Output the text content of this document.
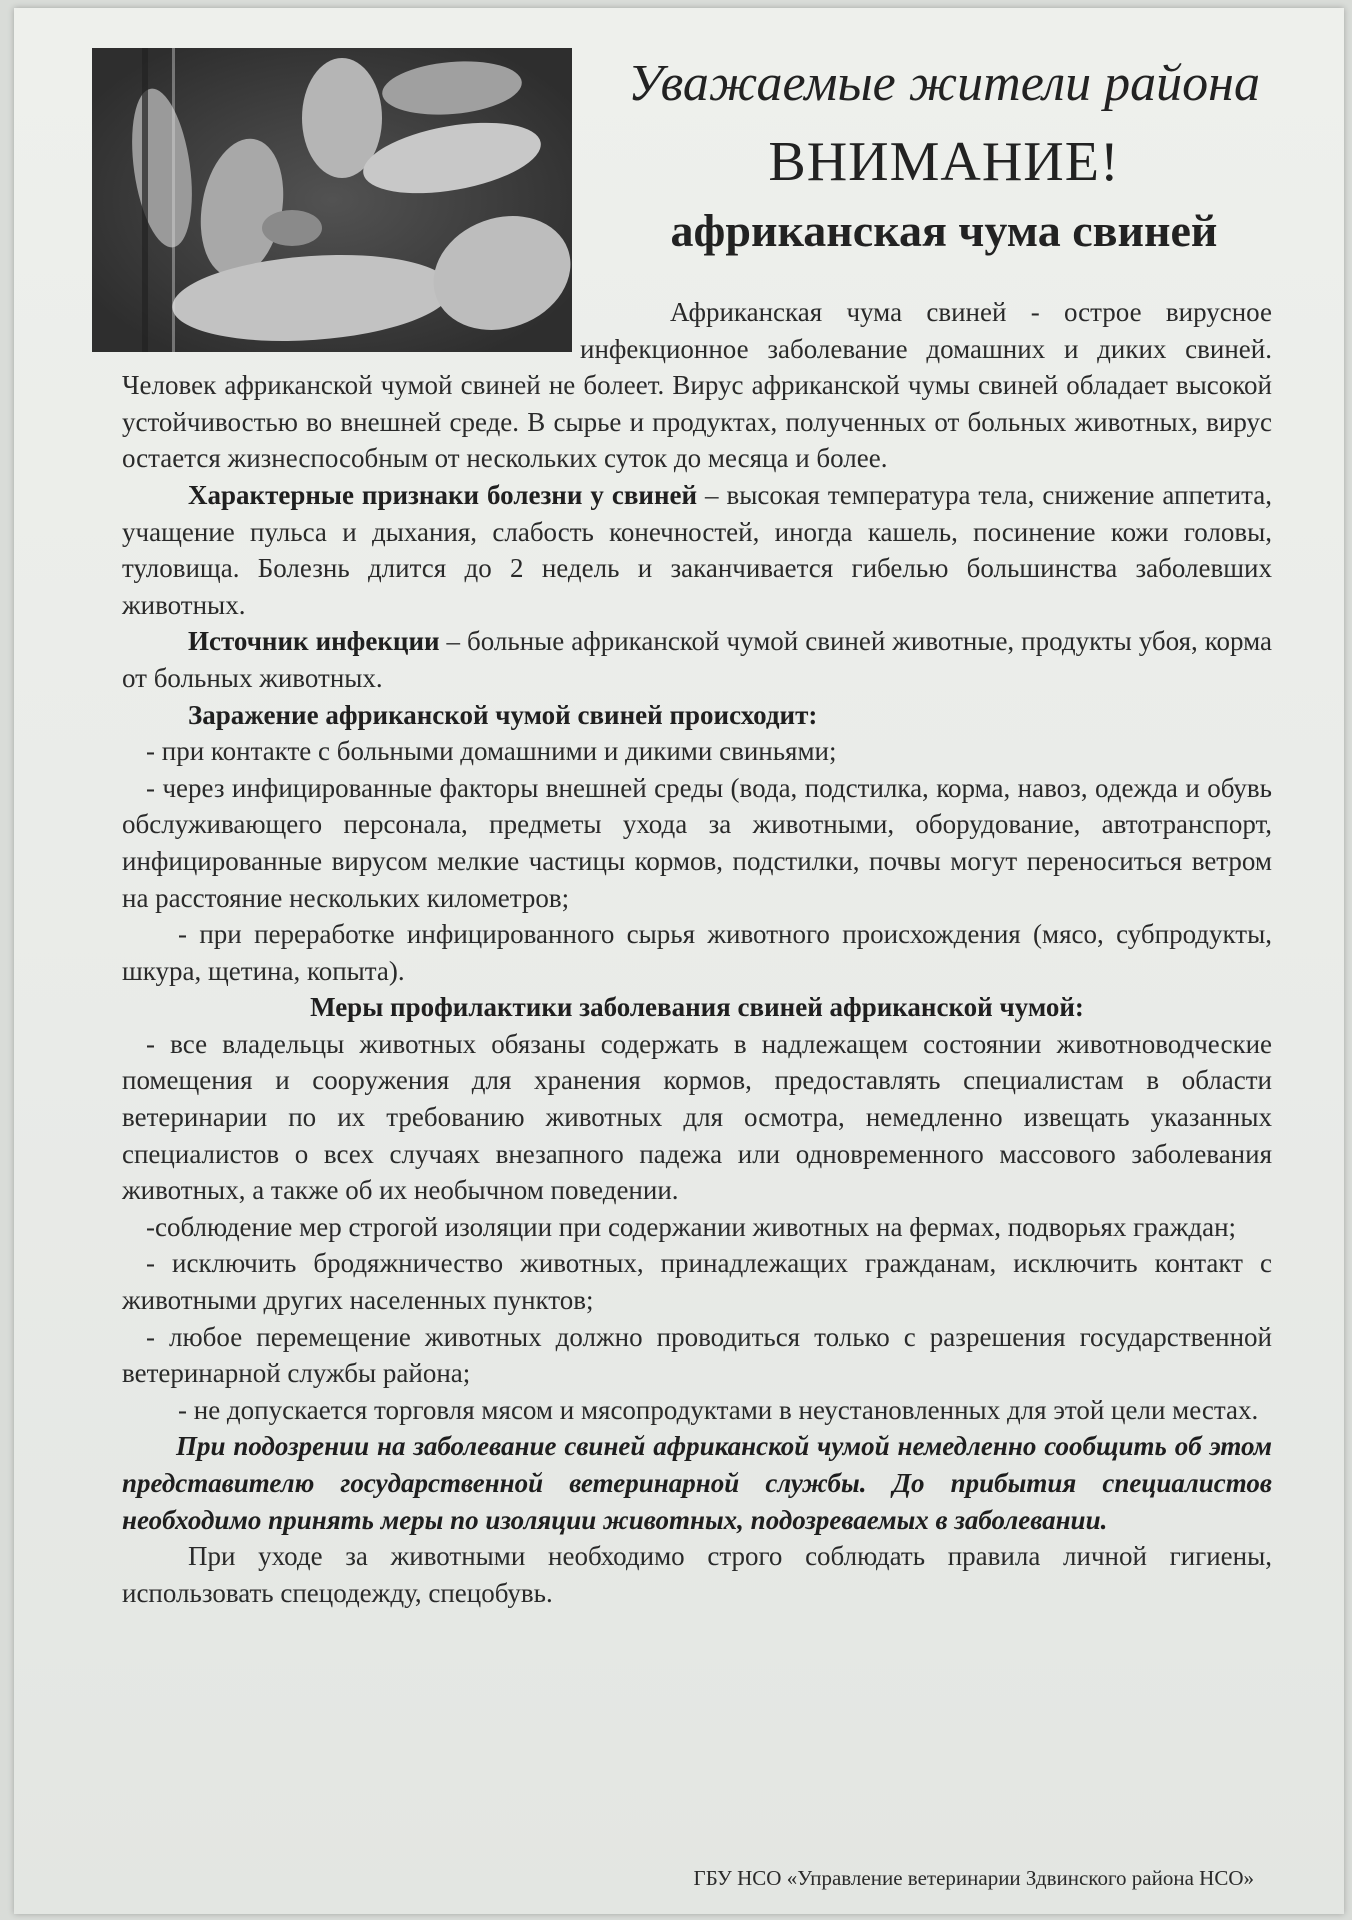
Уважаемые жители района
ВНИМАНИЕ!
африканская чума свиней

Африканская чума свиней - острое вирусное инфекционное заболевание домашних и диких свиней. Человек африканской чумой свиней не болеет. Вирус африканской чумы свиней обладает высокой устойчивостью во внешней среде. В сырье и продуктах, полученных от больных животных, вирус остается жизнеспособным от нескольких суток до месяца и более.

Характерные признаки болезни у свиней – высокая температура тела, снижение аппетита, учащение пульса и дыхания, слабость конечностей, иногда кашель, посинение кожи головы, туловища. Болезнь длится до 2 недель и заканчивается гибелью большинства заболевших животных.

Источник инфекции – больные африканской чумой свиней животные, продукты убоя, корма от больных животных.

Заражение африканской чумой свиней происходит:

- при контакте с больными домашними и дикими свиньями;

- через инфицированные факторы внешней среды (вода, подстилка, корма, навоз, одежда и обувь обслуживающего персонала, предметы ухода за животными, оборудование, автотранспорт, инфицированные вирусом мелкие частицы кормов, подстилки, почвы могут переноситься ветром на расстояние нескольких километров;

- при переработке инфицированного сырья животного происхождения (мясо, субпродукты, шкура, щетина, копыта).

Меры профилактики заболевания свиней африканской чумой:

- все владельцы животных обязаны содержать в надлежащем состоянии животноводческие помещения и сооружения для хранения кормов, предоставлять специалистам в области ветеринарии по их требованию животных для осмотра, немедленно извещать указанных специалистов о всех случаях внезапного падежа или одновременного массового заболевания животных, а также об их необычном поведении.

-соблюдение мер строгой изоляции при содержании животных на фермах, подворьях граждан;

- исключить бродяжничество животных, принадлежащих гражданам, исключить контакт с животными других населенных пунктов;

- любое перемещение животных должно проводиться только с разрешения государственной ветеринарной службы района;

- не допускается торговля мясом и мясопродуктами в неустановленных для этой цели местах.

При подозрении на заболевание свиней африканской чумой немедленно сообщить об этом представителю государственной ветеринарной службы. До прибытия специалистов необходимо принять меры по изоляции животных, подозреваемых в заболевании.

При уходе за животными необходимо строго соблюдать правила личной гигиены, использовать спецодежду, спецобувь.

ГБУ НСО «Управление ветеринарии Здвинского района НСО»
